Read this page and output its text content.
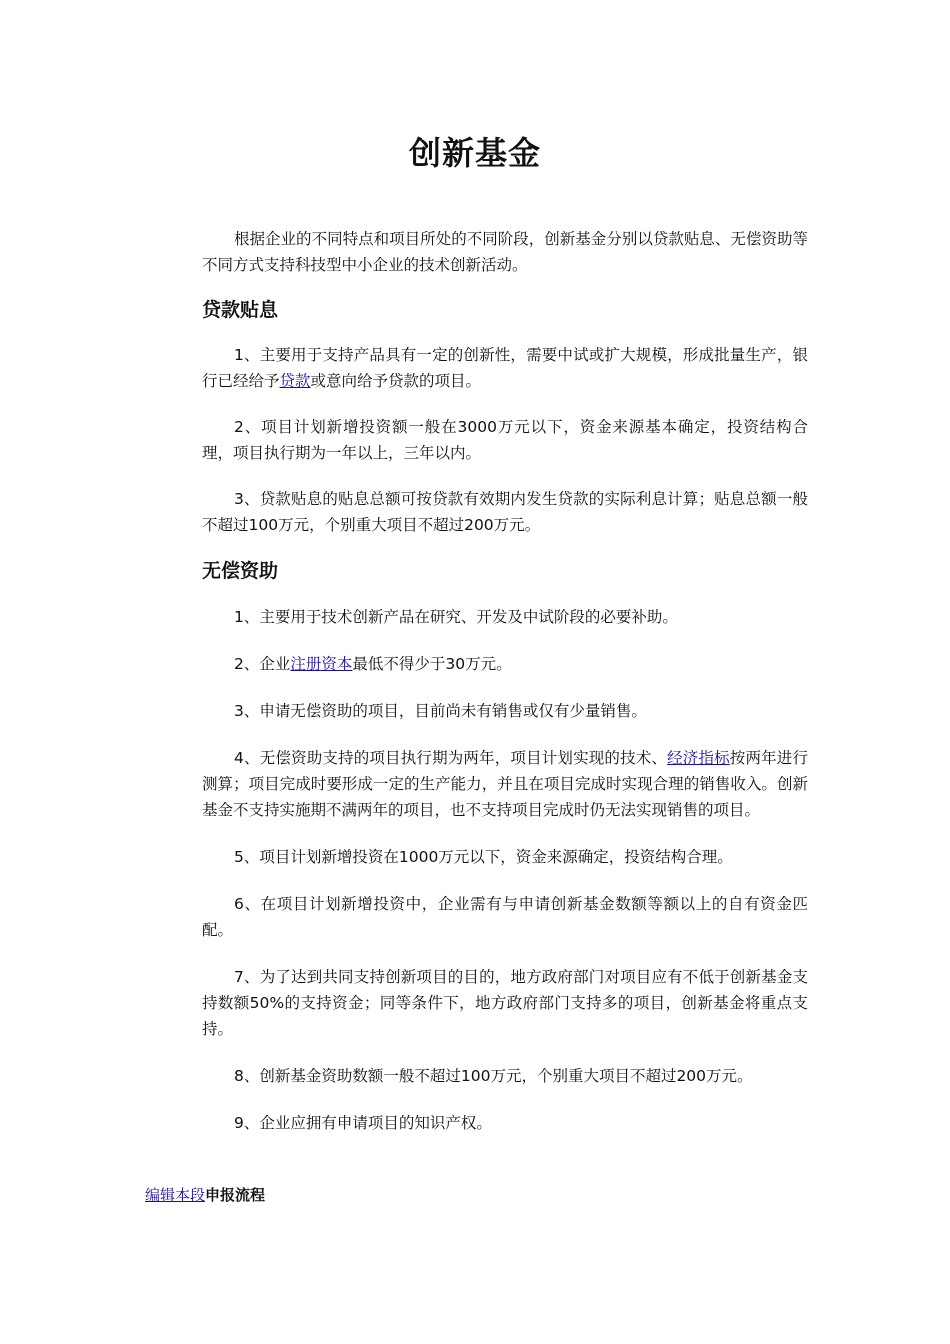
创新基金

根据企业的不同特点和项目所处的不同阶段，创新基金分别以贷款贴息、无偿资助等不同方式支持科技型中小企业的技术创新活动。

贷款贴息

1、主要用于支持产品具有一定的创新性，需要中试或扩大规模，形成批量生产，银行已经给予贷款或意向给予贷款的项目。

2、项目计划新增投资额一般在3000万元以下，资金来源基本确定，投资结构合理，项目执行期为一年以上，三年以内。

3、贷款贴息的贴息总额可按贷款有效期内发生贷款的实际利息计算；贴息总额一般不超过100万元，个别重大项目不超过200万元。

无偿资助

1、主要用于技术创新产品在研究、开发及中试阶段的必要补助。

2、企业注册资本最低不得少于30万元。

3、申请无偿资助的项目，目前尚未有销售或仅有少量销售。

4、无偿资助支持的项目执行期为两年，项目计划实现的技术、经济指标按两年进行测算；项目完成时要形成一定的生产能力，并且在项目完成时实现合理的销售收入。创新基金不支持实施期不满两年的项目，也不支持项目完成时仍无法实现销售的项目。

5、项目计划新增投资在1000万元以下，资金来源确定，投资结构合理。

6、在项目计划新增投资中，企业需有与申请创新基金数额等额以上的自有资金匹配。

7、为了达到共同支持创新项目的目的，地方政府部门对项目应有不低于创新基金支持数额50%的支持资金；同等条件下，地方政府部门支持多的项目，创新基金将重点支持。

8、创新基金资助数额一般不超过100万元，个别重大项目不超过200万元。

9、企业应拥有申请项目的知识产权。

编辑本段申报流程
